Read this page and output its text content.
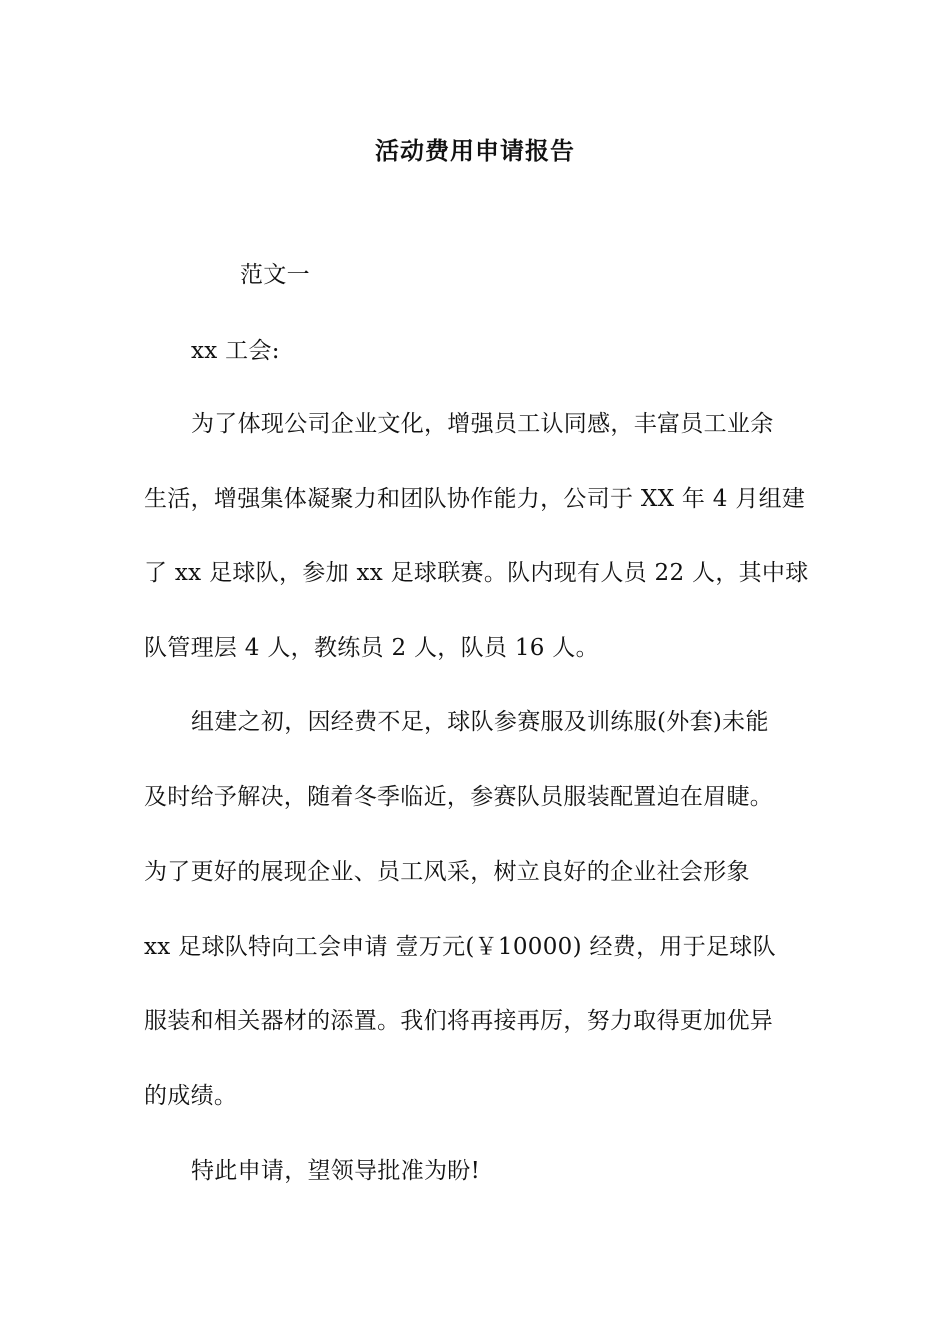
活动费用申请报告
范文一
xx 工会:
为了体现公司企业文化，增强员工认同感，丰富员工业余
生活，增强集体凝聚力和团队协作能力，公司于 XX 年 4 月组建
了 xx 足球队，参加 xx 足球联赛。队内现有人员 22 人，其中球
队管理层 4 人，教练员 2 人，队员 16 人。
组建之初，因经费不足，球队参赛服及训练服(外套)未能
及时给予解决，随着冬季临近，参赛队员服装配置迫在眉睫。
为了更好的展现企业、员工风采，树立良好的企业社会形象
xx 足球队特向工会申请 壹万元(￥10000) 经费，用于足球队
服装和相关器材的添置。我们将再接再厉，努力取得更加优异
的成绩。
特此申请，望领导批准为盼!
